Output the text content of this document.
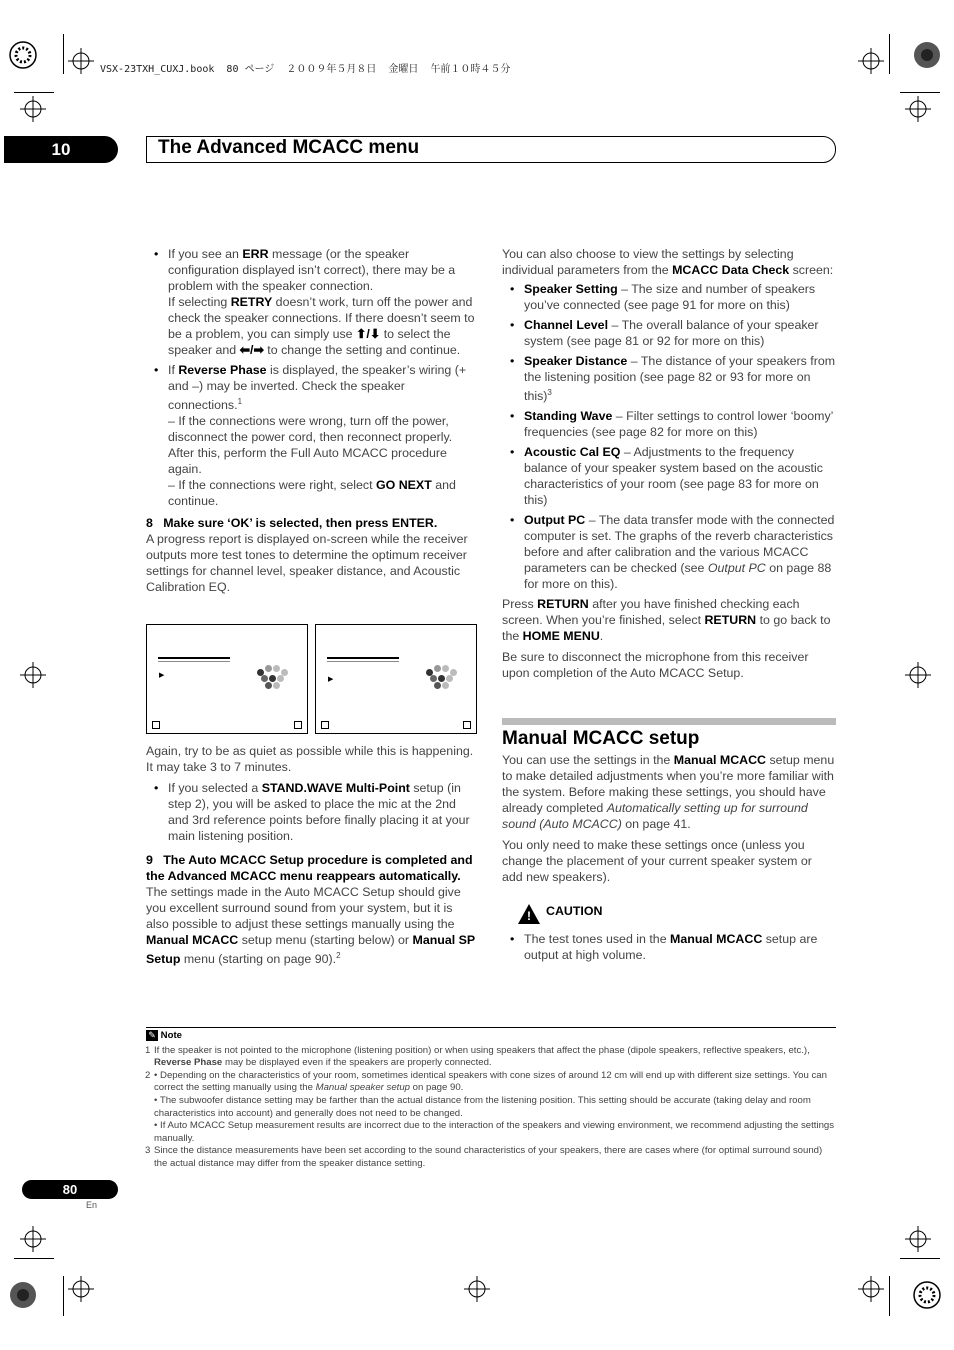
VSX-23TXH_CUXJ.book  80 ページ  ２００９年５月８日  金曜日  午前１０時４５分
10	The Advanced MCACC menu
• If you see an ERR message (or the speaker configuration displayed isn’t correct), there may be a problem with the speaker connection.
If selecting RETRY doesn’t work, turn off the power and check the speaker connections. If there doesn’t seem to be a problem, you can simply use ⬆/⬇ to select the speaker and ⬅/➡ to change the setting and continue.
• If Reverse Phase is displayed, the speaker’s wiring (+ and –) may be inverted. Check the speaker connections.$^1$
– If the connections were wrong, turn off the power, disconnect the power cord, then reconnect properly. After this, perform the Full Auto MCACC procedure again.
– If the connections were right, select GO NEXT and continue.
8 Make sure ‘OK’ is selected, then press ENTER.
A progress report is displayed on-screen while the receiver outputs more test tones to determine the optimum receiver settings for channel level, speaker distance, and Acoustic Calibration EQ.
▶
▶

Again, try to be as quiet as possible while this is happening. It may take 3 to 7 minutes.

• If you selected a STAND.WAVE Multi-Point setup (in step 2), you will be asked to place the mic at the 2nd and 3rd reference points before finally placing it at your main listening position.
9 The Auto MCACC Setup procedure is completed and the Advanced MCACC menu reappears automatically.
The settings made in the Auto MCACC Setup should give you excellent surround sound from your system, but it is also possible to adjust these settings manually using the Manual MCACC setup menu (starting below) or Manual SP Setup menu (starting on page 90).$^2$

You can also choose to view the settings by selecting individual parameters from the MCACC Data Check screen:

• Speaker Setting – The size and number of speakers you’ve connected (see page 91 for more on this)
• Channel Level – The overall balance of your speaker system (see page 81 or 92 for more on this)
• Speaker Distance – The distance of your speakers from the listening position (see page 82 or 93 for more on this)$^3$
• Standing Wave – Filter settings to control lower ‘boomy’ frequencies (see page 82 for more on this)
• Acoustic Cal EQ – Adjustments to the frequency balance of your speaker system based on the acoustic characteristics of your room (see page 83 for more on this)
• Output PC – The data transfer mode with the connected computer is set. The graphs of the reverb characteristics before and after calibration and the various MCACC parameters can be checked (see Output PC on page 88 for more on this).

Press RETURN after you have finished checking each screen. When you’re finished, select RETURN to go back to the HOME MENU.

Be sure to disconnect the microphone from this receiver upon completion of the Auto MCACC Setup.

Manual MCACC setup

You can use the settings in the Manual MCACC setup menu to make detailed adjustments when you’re more familiar with the system. Before making these settings, you should have already completed Automatically setting up for surround sound (Auto MCACC) on page 41.

You only need to make these settings once (unless you change the placement of your current speaker system or add new speakers).

! CAUTION
• The test tones used in the Manual MCACC setup are output at high volume.
✎ Note

1 If the speaker is not pointed to the microphone (listening position) or when using speakers that affect the phase (dipole speakers, reflective speakers, etc.), Reverse Phase may be displayed even if the speakers are properly connected.

2 • Depending on the characteristics of your room, sometimes identical speakers with cone sizes of around 12 cm will end up with different size settings. You can correct the setting manually using the Manual speaker setup on page 90.

• The subwoofer distance setting may be farther than the actual distance from the listening position. This setting should be accurate (taking delay and room characteristics into account) and generally does not need to be changed.

• If Auto MCACC Setup measurement results are incorrect due to the interaction of the speakers and viewing environment, we recommend adjusting the settings manually.

3 Since the distance measurements have been set according to the sound characteristics of your speakers, there are cases where (for optimal surround sound) the actual distance may differ from the speaker distance setting.

80
En
